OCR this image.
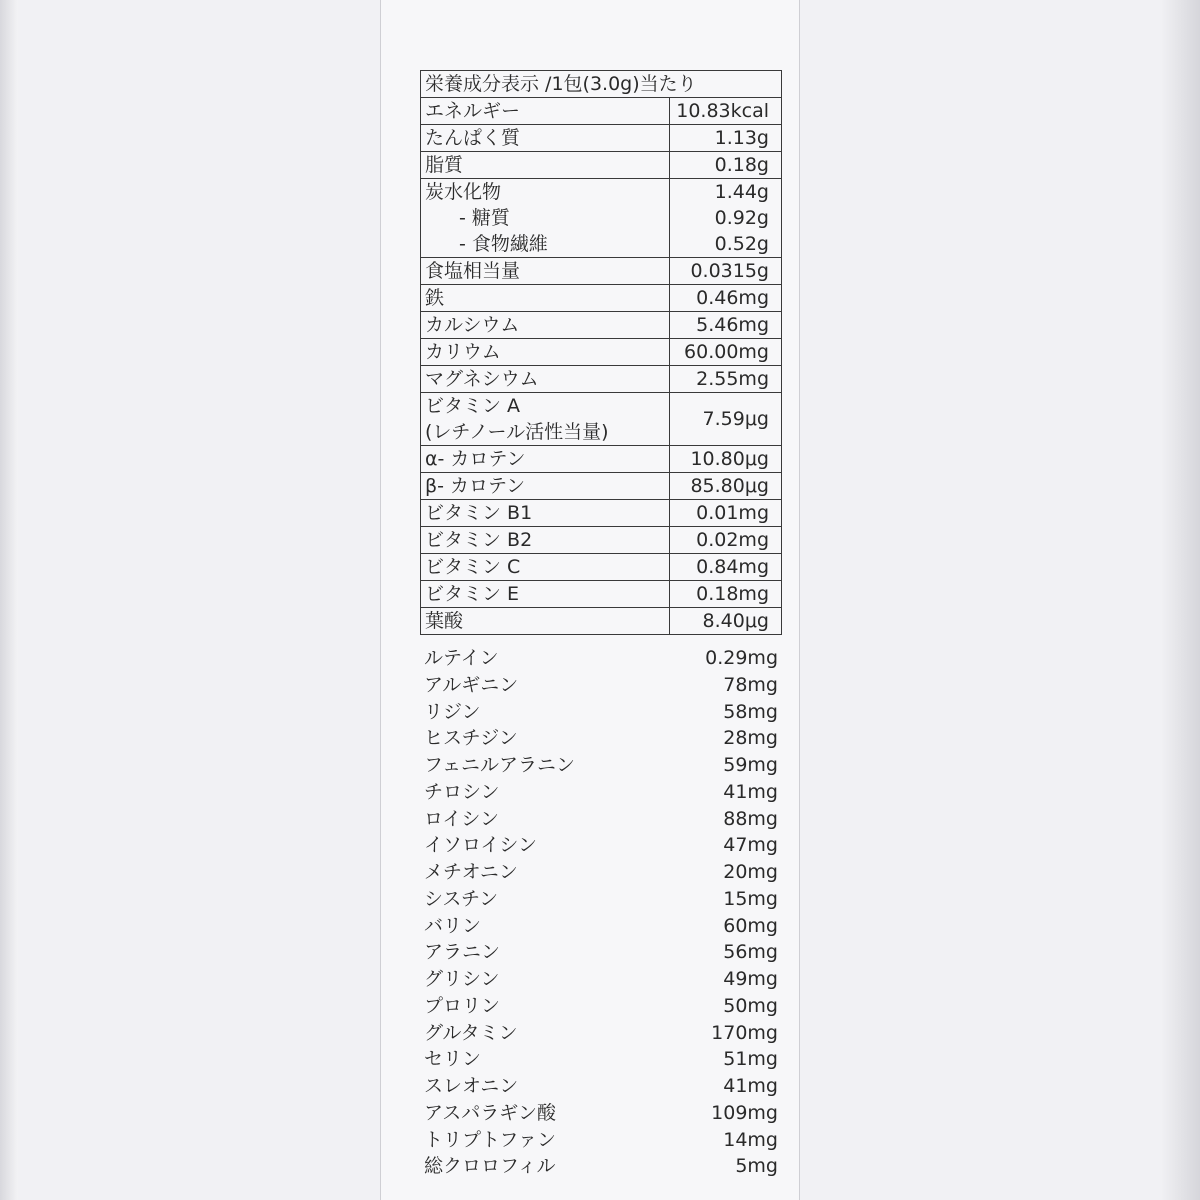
栄養成分表示 /1包(3.0g)当たり	
エネルギー	10.83kcal
たんぱく質	1.13g
脂質	0.18g
炭水化物	1.44g
- 糖質	0.92g
- 食物繊維	0.52g
食塩相当量	0.0315g
鉄	0.46mg
カルシウム	5.46mg
カリウム	60.00mg
マグネシウム	2.55mg

ビタミン A
(レチノール活性当量)	7.59μg
α- カロテン	10.80μg
β- カロテン	85.80μg
ビタミン B1	0.01mg
ビタミン B2	0.02mg
ビタミン C	0.84mg
ビタミン E	0.18mg
葉酸	8.40μg
ルテイン	0.29mg
アルギニン	78mg
リジン	58mg
ヒスチジン	28mg
フェニルアラニン	59mg
チロシン	41mg
ロイシン	88mg
イソロイシン	47mg
メチオニン	20mg
シスチン	15mg
バリン	60mg
アラニン	56mg
グリシン	49mg
プロリン	50mg
グルタミン	170mg
セリン	51mg
スレオニン	41mg
アスパラギン酸	109mg
トリプトファン	14mg
総クロロフィル	5mg
